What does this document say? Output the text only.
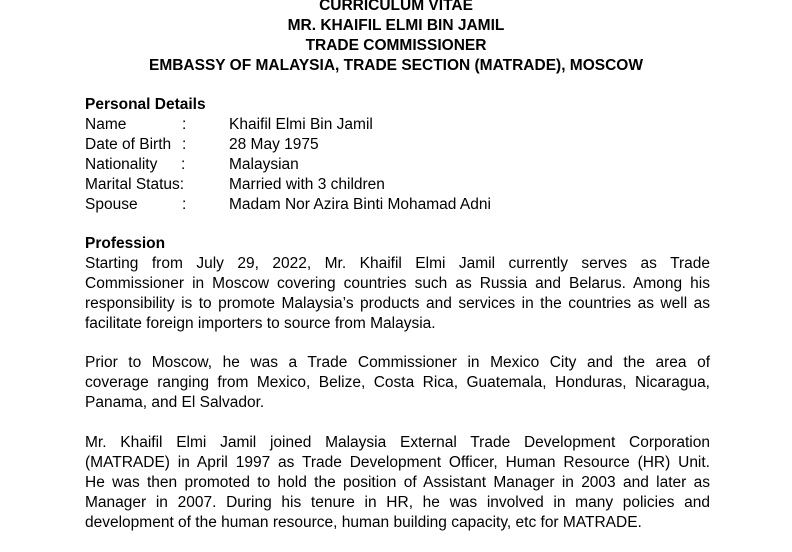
CURRICULUM VITAE
MR. KHAIFIL ELMI BIN JAMIL
TRADE COMMISSIONER
EMBASSY OF MALAYSIA, TRADE SECTION (MATRADE), MOSCOW
Personal Details
Name	:	Khaifil Elmi Bin Jamil
Date of Birth :	28 May 1975
Nationality :	Malaysian
Marital Status:	Married with 3 children
Spouse	:	Madam Nor Azira Binti Mohamad Adni
Profession
Starting from July 29, 2022, Mr. Khaifil Elmi Jamil currently serves as Trade
Commissioner in Moscow covering countries such as Russia and Belarus. Among his
responsibility is to promote Malaysia’s products and services in the countries as well as
facilitate foreign importers to source from Malaysia.
Prior to Moscow, he was a Trade Commissioner in Mexico City and the area of
coverage ranging from Mexico, Belize, Costa Rica, Guatemala, Honduras, Nicaragua,
Panama, and El Salvador.
Mr. Khaifil Elmi Jamil joined Malaysia External Trade Development Corporation
(MATRADE) in April 1997 as Trade Development Officer, Human Resource (HR) Unit.
He was then promoted to hold the position of Assistant Manager in 2003 and later as
Manager in 2007. During his tenure in HR, he was involved in many policies and
development of the human resource, human building capacity, etc for MATRADE.
